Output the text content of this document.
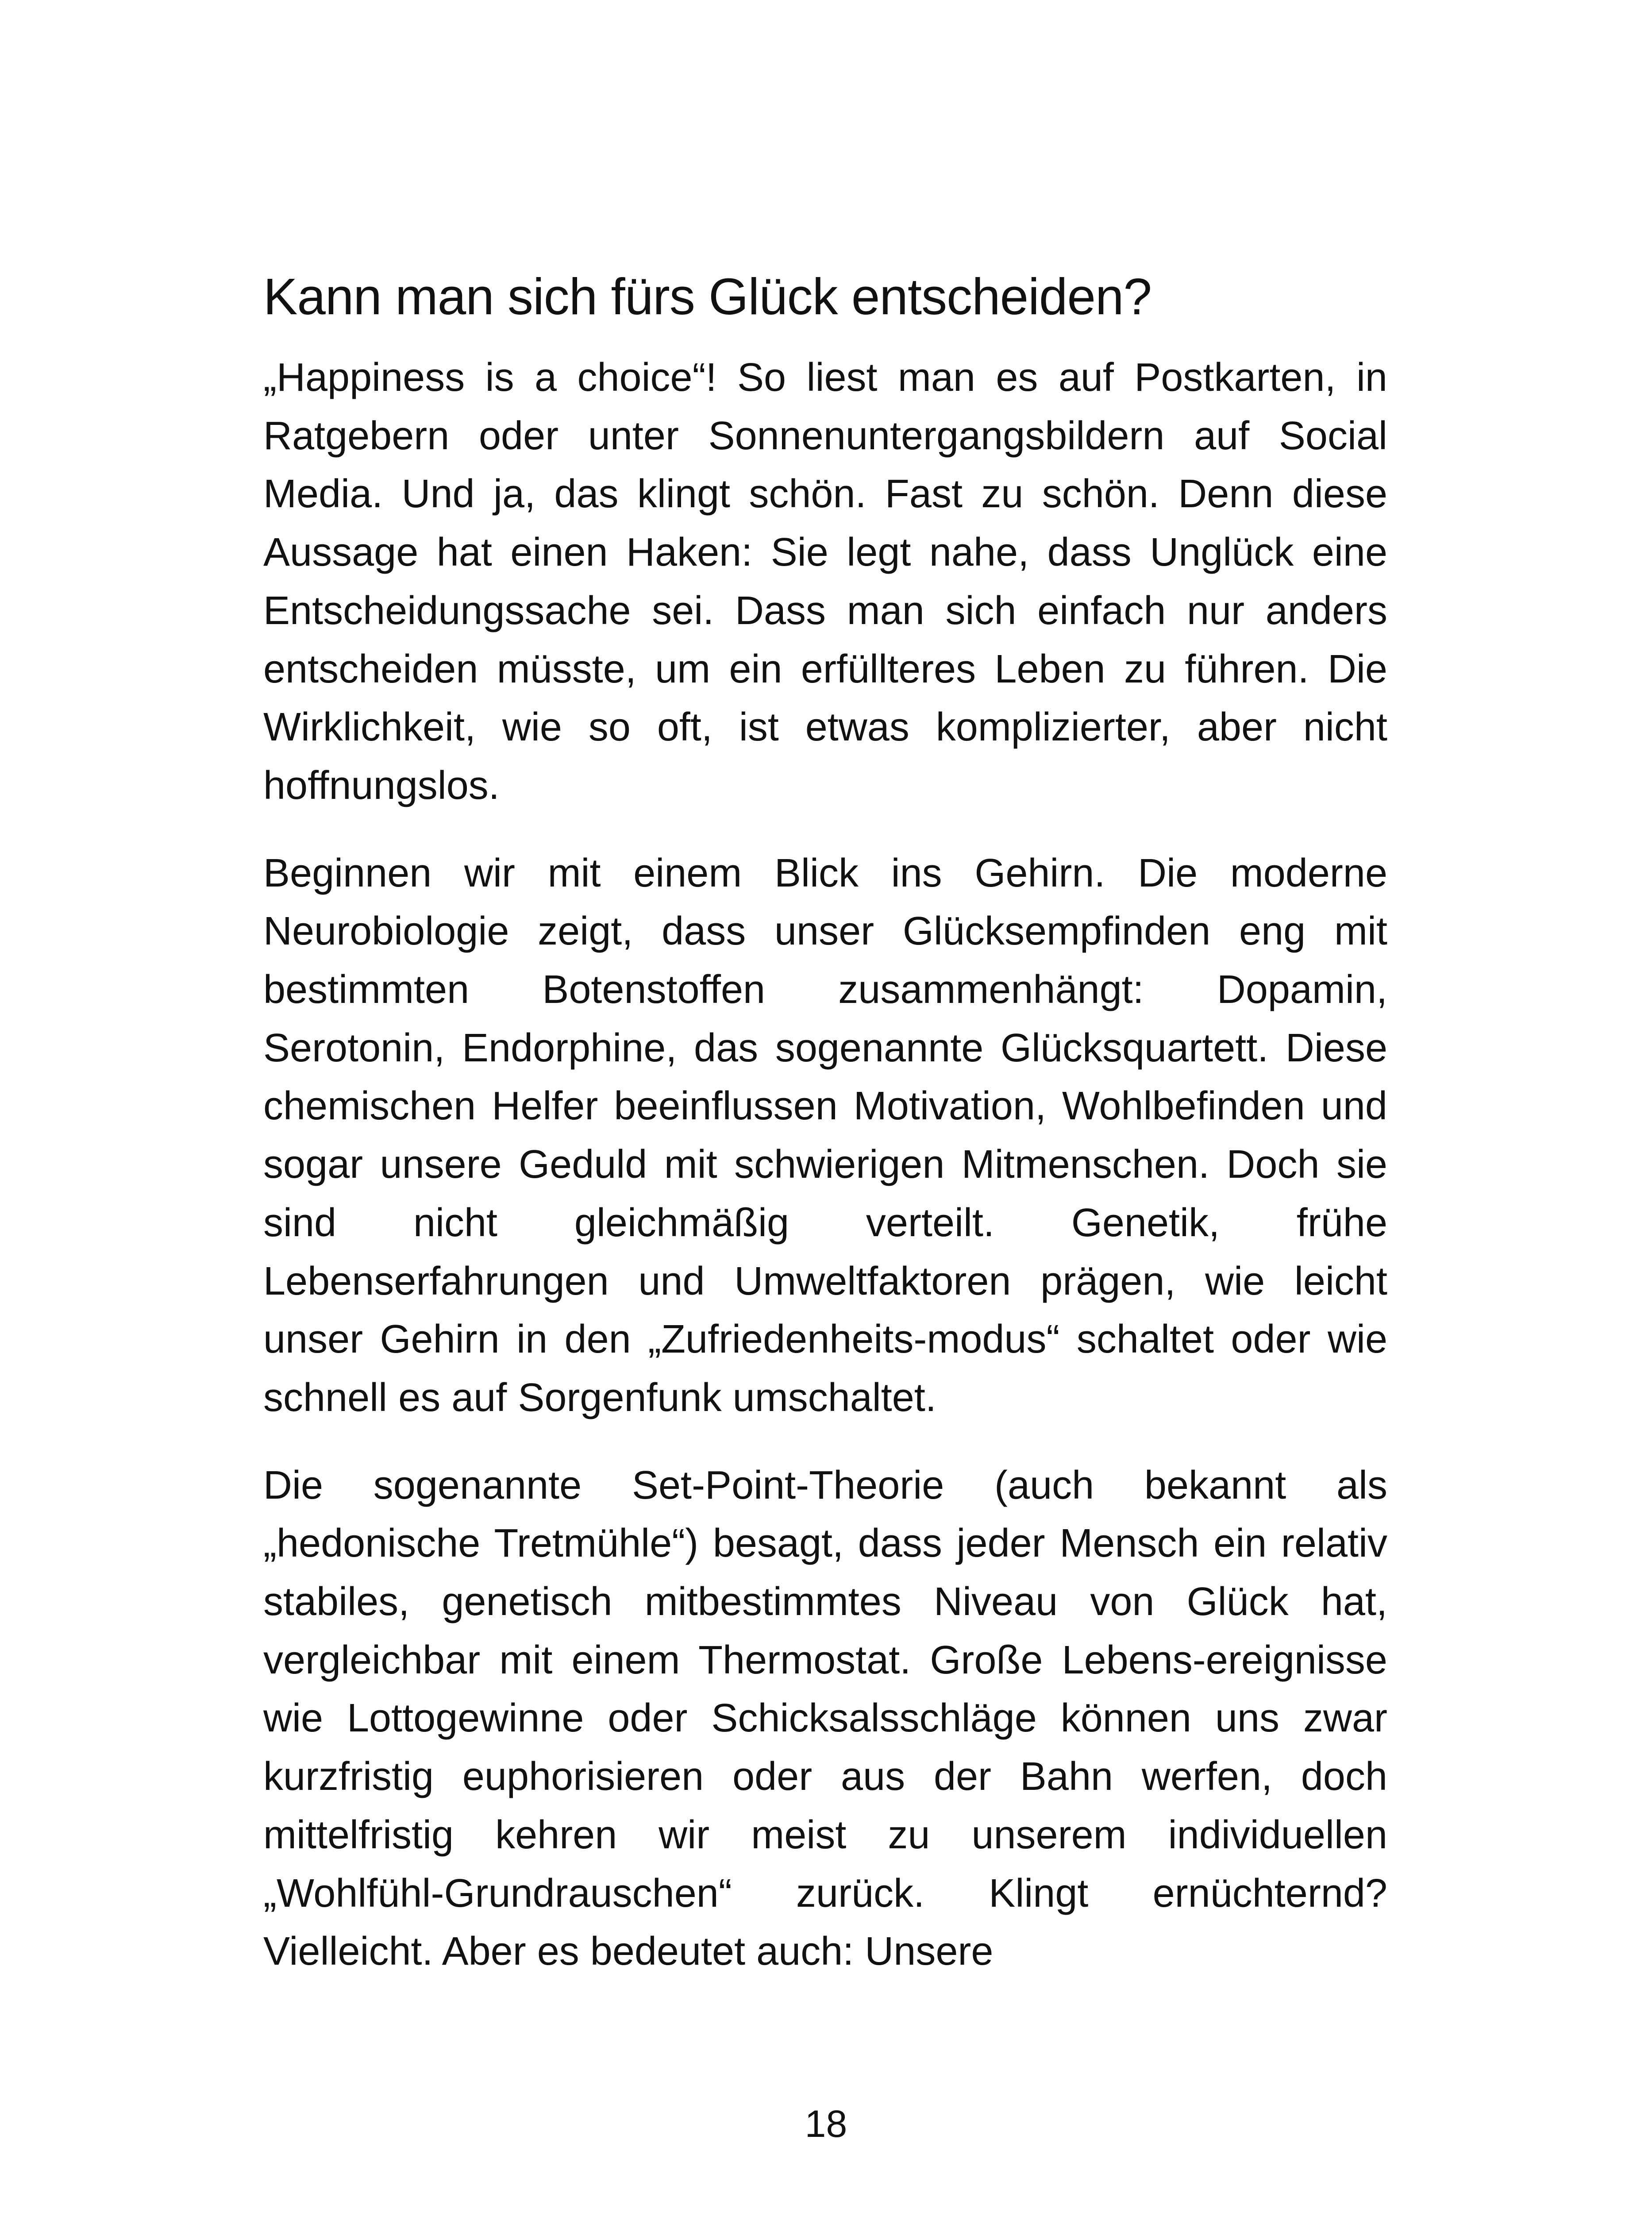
Kann man sich fürs Glück entscheiden?

„Happiness is a choice“! So liest man es auf Postkarten, in Ratgebern oder unter Sonnenuntergangsbildern auf Social Media. Und ja, das klingt schön. Fast zu schön. Denn diese Aussage hat einen Haken: Sie legt nahe, dass Unglück eine Entscheidungssache sei. Dass man sich einfach nur anders entscheiden müsste, um ein erfüllteres Leben zu führen. Die Wirklichkeit, wie so oft, ist etwas komplizierter, aber nicht hoffnungslos.

Beginnen wir mit einem Blick ins Gehirn. Die moderne Neurobiologie zeigt, dass unser Glücksempfinden eng mit bestimmten Botenstoffen zusammenhängt: Dopamin, Serotonin, Endorphine, das sogenannte Glücksquartett. Diese chemischen Helfer beeinflussen Motivation, Wohlbefinden und sogar unsere Geduld mit schwierigen Mitmenschen. Doch sie sind nicht gleichmäßig verteilt. Genetik, frühe Lebenserfahrungen und Umweltfaktoren prägen, wie leicht unser Gehirn in den „Zufriedenheits-modus“ schaltet oder wie schnell es auf Sorgenfunk umschaltet.

Die sogenannte Set-Point-Theorie (auch bekannt als „hedonische Tretmühle“) besagt, dass jeder Mensch ein relativ stabiles, genetisch mitbestimmtes Niveau von Glück hat, vergleichbar mit einem Thermostat. Große Lebens-ereignisse wie Lottogewinne oder Schicksalsschläge können uns zwar kurzfristig euphorisieren oder aus der Bahn werfen, doch mittelfristig kehren wir meist zu unserem individuellen „Wohlfühl-Grundrauschen“ zurück. Klingt ernüchternd? Vielleicht. Aber es bedeutet auch: Unsere

18
